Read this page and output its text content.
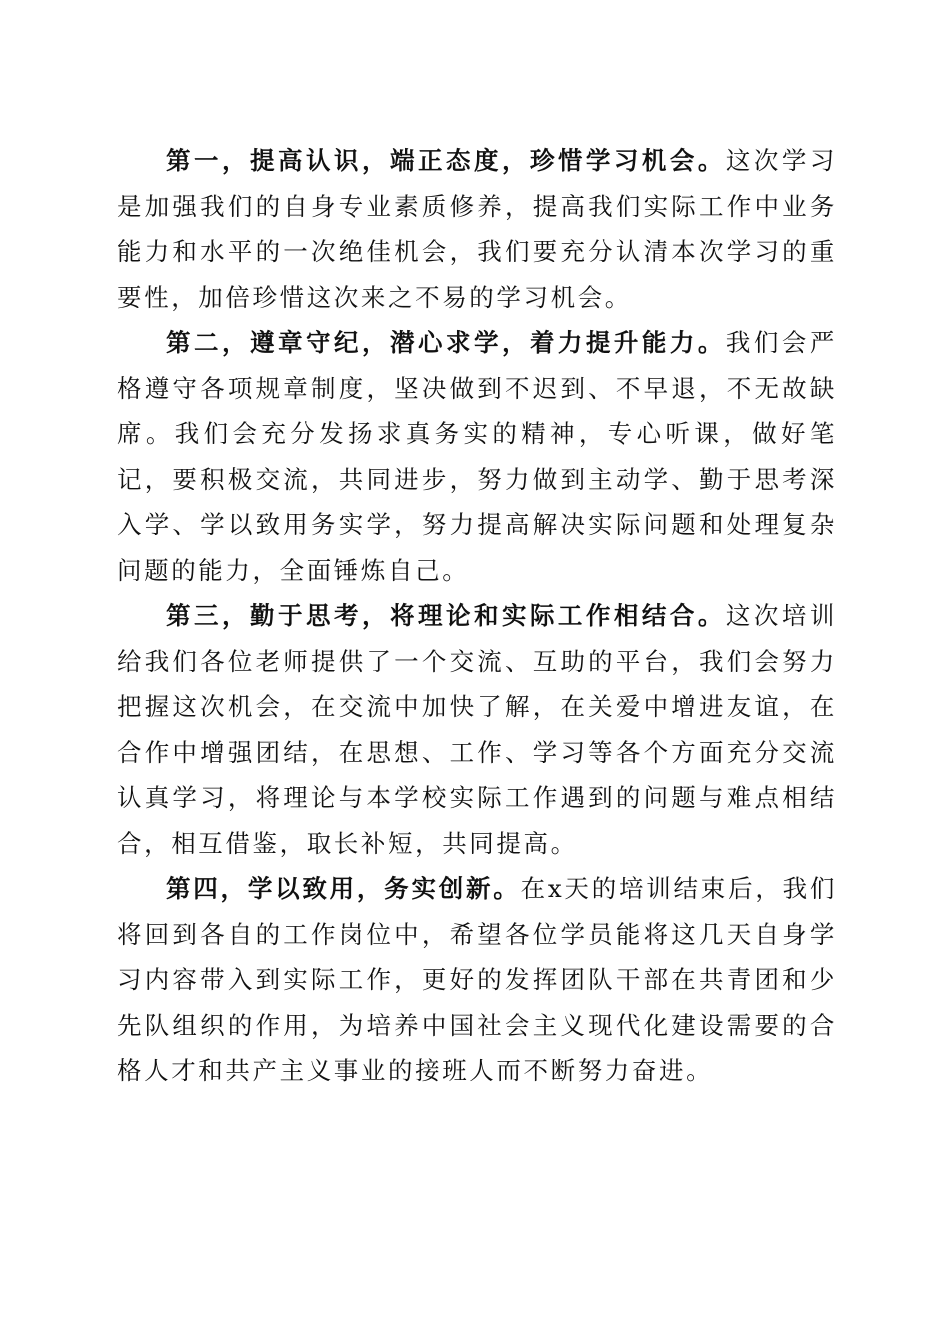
第一，提高认识，端正态度，珍惜学习机会。这次学习是加强我们的自身专业素质修养，提高我们实际工作中业务能力和水平的一次绝佳机会，我们要充分认清本次学习的重要性，加倍珍惜这次来之不易的学习机会。

第二，遵章守纪，潜心求学，着力提升能力。我们会严格遵守各项规章制度，坚决做到不迟到、不早退，不无故缺席。我们会充分发扬求真务实的精神，专心听课，做好笔记，要积极交流，共同进步，努力做到主动学、勤于思考深入学、学以致用务实学，努力提高解决实际问题和处理复杂问题的能力，全面锤炼自己。

第三，勤于思考，将理论和实际工作相结合。这次培训给我们各位老师提供了一个交流、互助的平台，我们会努力把握这次机会，在交流中加快了解，在关爱中增进友谊，在合作中增强团结，在思想、工作、学习等各个方面充分交流认真学习，将理论与本学校实际工作遇到的问题与难点相结合，相互借鉴，取长补短，共同提高。

第四，学以致用，务实创新。在x天的培训结束后，我们将回到各自的工作岗位中，希望各位学员能将这几天自身学习内容带入到实际工作，更好的发挥团队干部在共青团和少先队组织的作用，为培养中国社会主义现代化建设需要的合格人才和共产主义事业的接班人而不断努力奋进。
